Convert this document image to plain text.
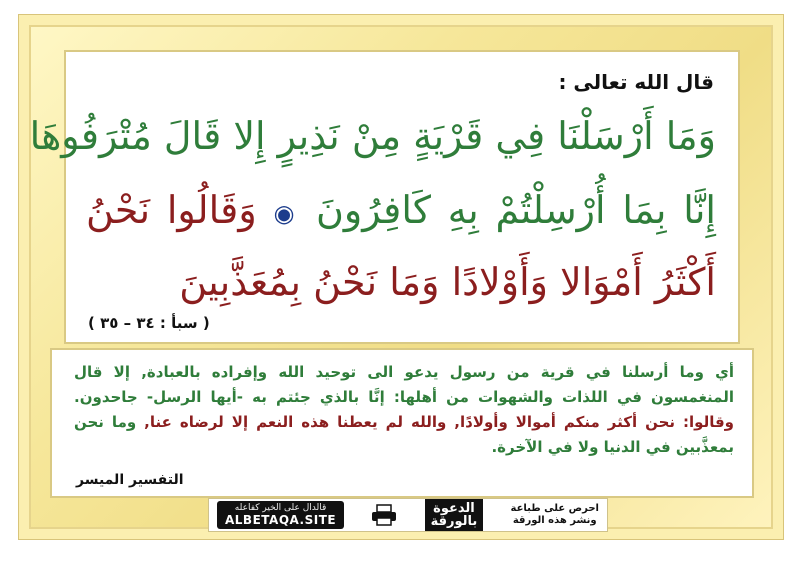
قال الله تعالى :
وَمَا أَرْسَلْنَا فِي قَرْيَةٍ مِنْ نَذِيرٍ إِلا قَالَ مُتْرَفُوهَا
إِنَّا بِمَا أُرْسِلْتُمْ بِهِ كَافِرُونَ ◉ وَقَالُوا نَحْنُ
أَكْثَرُ أَمْوَالا وَأَوْلادًا وَمَا نَحْنُ بِمُعَذَّبِينَ
( سبأ : ٣٤ – ٣٥ )
أي وما أرسلنا في قرية من رسول يدعو الى توحيد الله وإفراده بالعبادة, إلا قال المنغمسون في اللذات والشهوات من أهلها: إنَّا بالذي جئتم به -أيها الرسل- جاحدون. وقالوا: نحن أكثر منكم أموالا وأولادًا, والله لم يعطنا هذه النعم إلا لرضاه عنا, وما نحن بمعذَّبين في الدنيا ولا في الآخرة.
التفسير الميسر
قالدال على الخير كفاعله
ALBETAQA.SITE
الدعوة
بالورقة
احرص على طباعة
ونشر هذه الورقة
